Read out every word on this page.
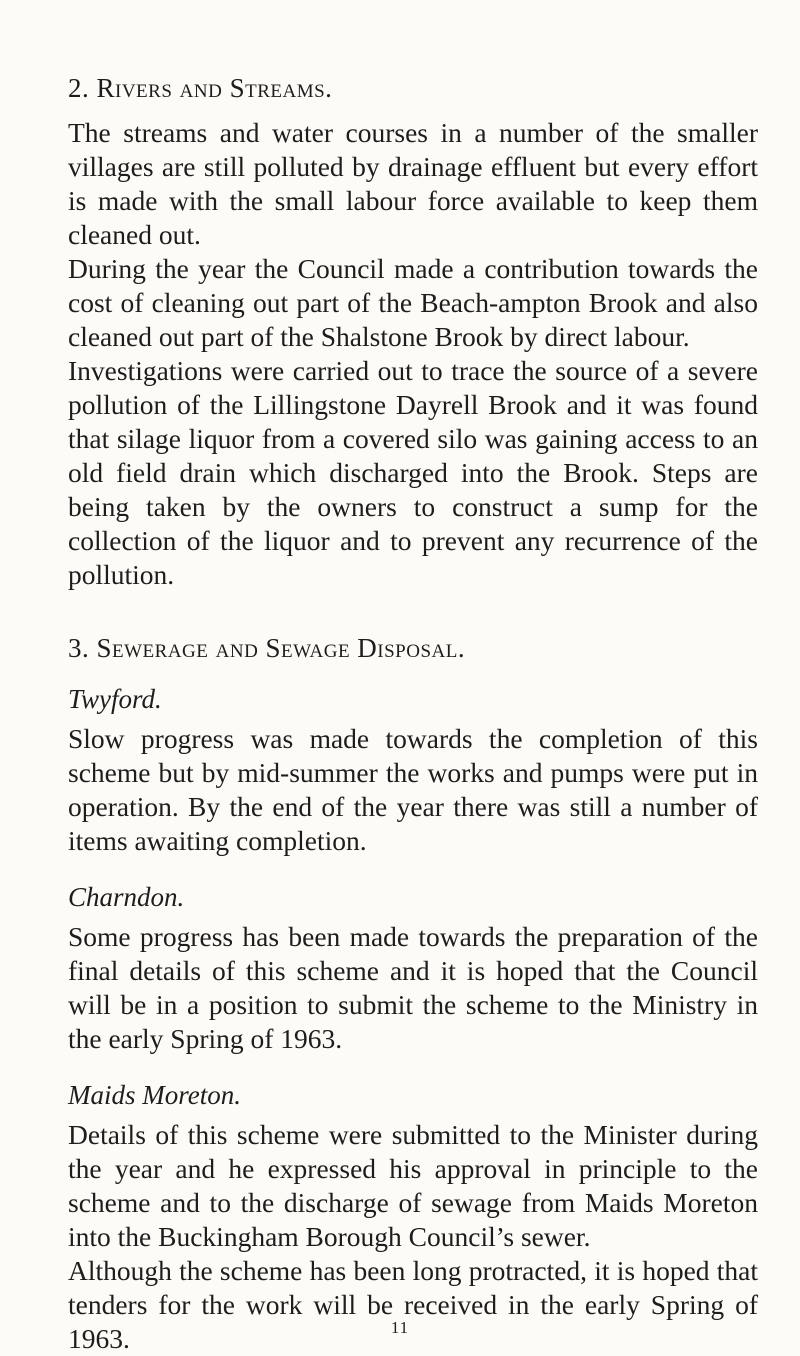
2. Rivers and Streams.

The streams and water courses in a number of the smaller villages are still polluted by drainage effluent but every effort is made with the small labour force available to keep them cleaned out.

During the year the Council made a contribution towards the cost of cleaning out part of the Beach-ampton Brook and also cleaned out part of the Shalstone Brook by direct labour.

Investigations were carried out to trace the source of a severe pollution of the Lillingstone Dayrell Brook and it was found that silage liquor from a covered silo was gaining access to an old field drain which discharged into the Brook. Steps are being taken by the owners to construct a sump for the collection of the liquor and to prevent any recurrence of the pollution.

3. Sewerage and Sewage Disposal.
Twyford.

Slow progress was made towards the completion of this scheme but by mid-summer the works and pumps were put in operation. By the end of the year there was still a number of items awaiting completion.

Charndon.

Some progress has been made towards the preparation of the final details of this scheme and it is hoped that the Council will be in a position to submit the scheme to the Ministry in the early Spring of 1963.

Maids Moreton.

Details of this scheme were submitted to the Minister during the year and he expressed his approval in principle to the scheme and to the discharge of sewage from Maids Moreton into the Buckingham Borough Council’s sewer.

Although the scheme has been long protracted, it is hoped that tenders for the work will be received in the early Spring of 1963.	11
